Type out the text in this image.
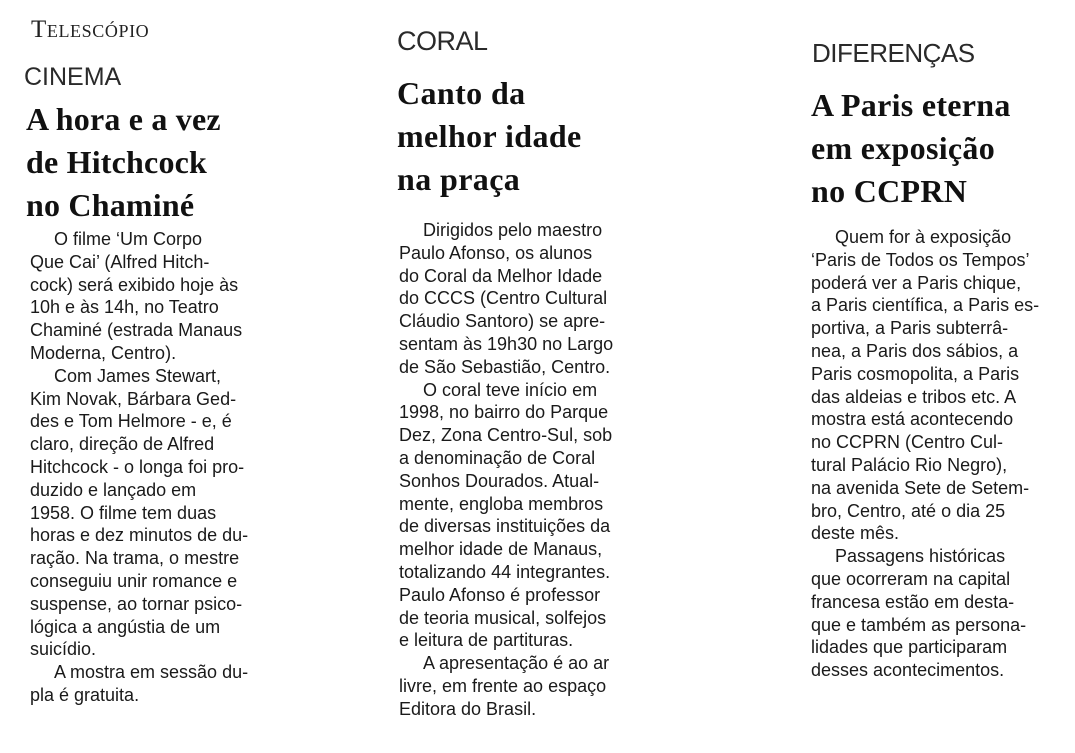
Telescópio
CINEMA
A hora e a vez
de Hitchcock
no Chaminé
O filme ‘Um Corpo
Que Cai’ (Alfred Hitch-
cock) será exibido hoje às
10h e às 14h, no Teatro
Chaminé (estrada Manaus
Moderna, Centro).
Com James Stewart,
Kim Novak, Bárbara Ged-
des e Tom Helmore - e, é
claro, direção de Alfred
Hitchcock - o longa foi pro-
duzido e lançado em
1958. O filme tem duas
horas e dez minutos de du-
ração. Na trama, o mestre
conseguiu unir romance e
suspense, ao tornar psico-
lógica a angústia de um
suicídio.
A mostra em sessão du-
pla é gratuita.
CORAL
Canto da
melhor idade
na praça
Dirigidos pelo maestro
Paulo Afonso, os alunos
do Coral da Melhor Idade
do CCCS (Centro Cultural
Cláudio Santoro) se apre-
sentam às 19h30 no Largo
de São Sebastião, Centro.
O coral teve início em
1998, no bairro do Parque
Dez, Zona Centro-Sul, sob
a denominação de Coral
Sonhos Dourados. Atual-
mente, engloba membros
de diversas instituições da
melhor idade de Manaus,
totalizando 44 integrantes.
Paulo Afonso é professor
de teoria musical, solfejos
e leitura de partituras.
A apresentação é ao ar
livre, em frente ao espaço
Editora do Brasil.
DIFERENÇAS
A Paris eterna
em exposição
no CCPRN
Quem for à exposição
‘Paris de Todos os Tempos’
poderá ver a Paris chique,
a Paris científica, a Paris es-
portiva, a Paris subterrâ-
nea, a Paris dos sábios, a
Paris cosmopolita, a Paris
das aldeias e tribos etc. A
mostra está acontecendo
no CCPRN (Centro Cul-
tural Palácio Rio Negro),
na avenida Sete de Setem-
bro, Centro, até o dia 25
deste mês.
Passagens históricas
que ocorreram na capital
francesa estão em desta-
que e também as persona-
lidades que participaram
desses acontecimentos.
